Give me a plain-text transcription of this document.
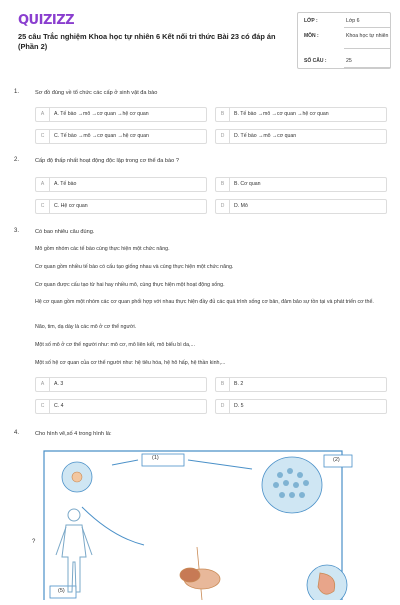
QUIZIZZ
25 câu Trắc nghiệm Khoa học tự nhiên 6 Kết nối tri thức Bài 23 có đáp án (Phần 2)
LỚP :	Lớp 6
MÔN :	Khoa học tự nhiên
SỐ CÂU :	25
1.	Sơ đồ đúng về tổ chức các cấp ở sinh vật đa bào
A	A. Tế bào →mô →cơ quan →hệ cơ quan	B	B. Tế bào →mô →cơ quan →hệ cơ quan
C	C. Tế bào →mô →cơ quan →hệ cơ quan	D	D. Tế bào →mô →cơ quan
2.	Cấp độ thấp nhất hoạt động độc lập trong cơ thể đa bào ?
A	A. Tế bào	B	B. Cơ quan
C	C. Hệ cơ quan	D	D. Mô
3.	Có bao nhiêu câu đúng.
Mô gồm nhóm các tế bào cùng thực hiện một chức năng.
Cơ quan gồm nhiều tế bào có cấu tạo giống nhau và cùng thực hiện một chức năng.
Cơ quan được cấu tạo từ hai hay nhiều mô, cùng thực hiện một hoạt động sống.
Hệ cơ quan gồm một nhóm các cơ quan phối hợp với nhau thực hiện đầy đủ các quá trình sống cơ bản, đảm bảo sự tồn tại và phát triển cơ thể.
Não, tim, dạ dày là các mô ở cơ thể người.
Một số mô ở cơ thể người như: mô cơ, mô liên kết, mô biểu bì da,...
Một số hệ cơ quan của cơ thể người như: hệ tiêu hóa, hệ hô hấp, hệ thần kinh,...
A	A. 3	B	B. 2
C	C. 4	D	D. 5
4.	Cho hình vẽ,số 4 trong hình là:
(1)	(2)
(5)
?
